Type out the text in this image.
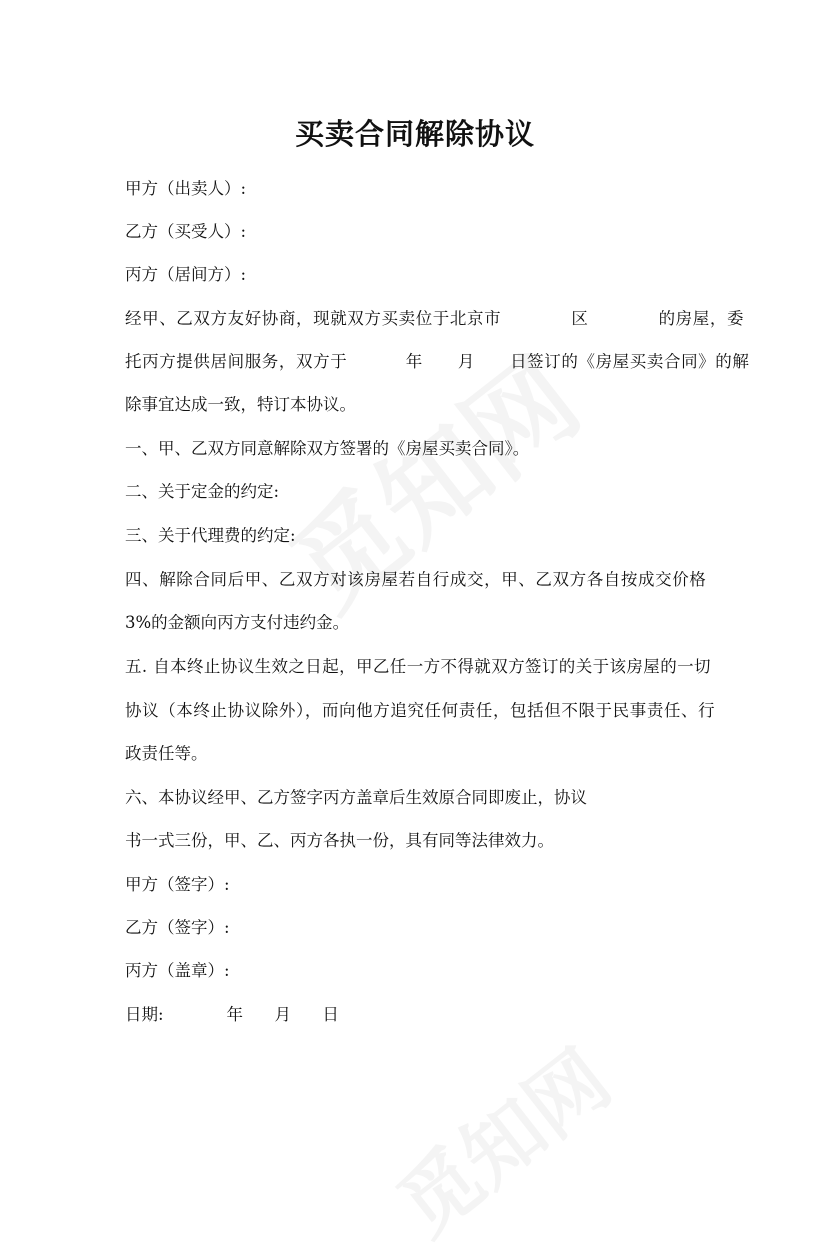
买卖合同解除协议

甲方（出卖人）:

乙方（买受人）:

丙方（居间方）:

经甲、乙双方友好协商，现就双方买卖位于北京市            区            的房屋，委

托丙方提供居间服务，双方于          年      月      日签订的《房屋买卖合同》的解

除事宜达成一致，特订本协议。

一、甲、乙双方同意解除双方签署的《房屋买卖合同》。

二、关于定金的约定:

三、关于代理费的约定:

四、解除合同后甲、乙双方对该房屋若自行成交，甲、乙双方各自按成交价格

3%的金额向丙方支付违约金。

五. 自本终止协议生效之日起，甲乙任一方不得就双方签订的关于该房屋的一切

协议（本终止协议除外），而向他方追究任何责任，包括但不限于民事责任、行

政责任等。

六、本协议经甲、乙方签字丙方盖章后生效原合同即废止，协议

书一式三份，甲、乙、丙方各执一份，具有同等法律效力。

甲方（签字）:

乙方（签字）:

丙方（盖章）:

日期:            年      月      日
